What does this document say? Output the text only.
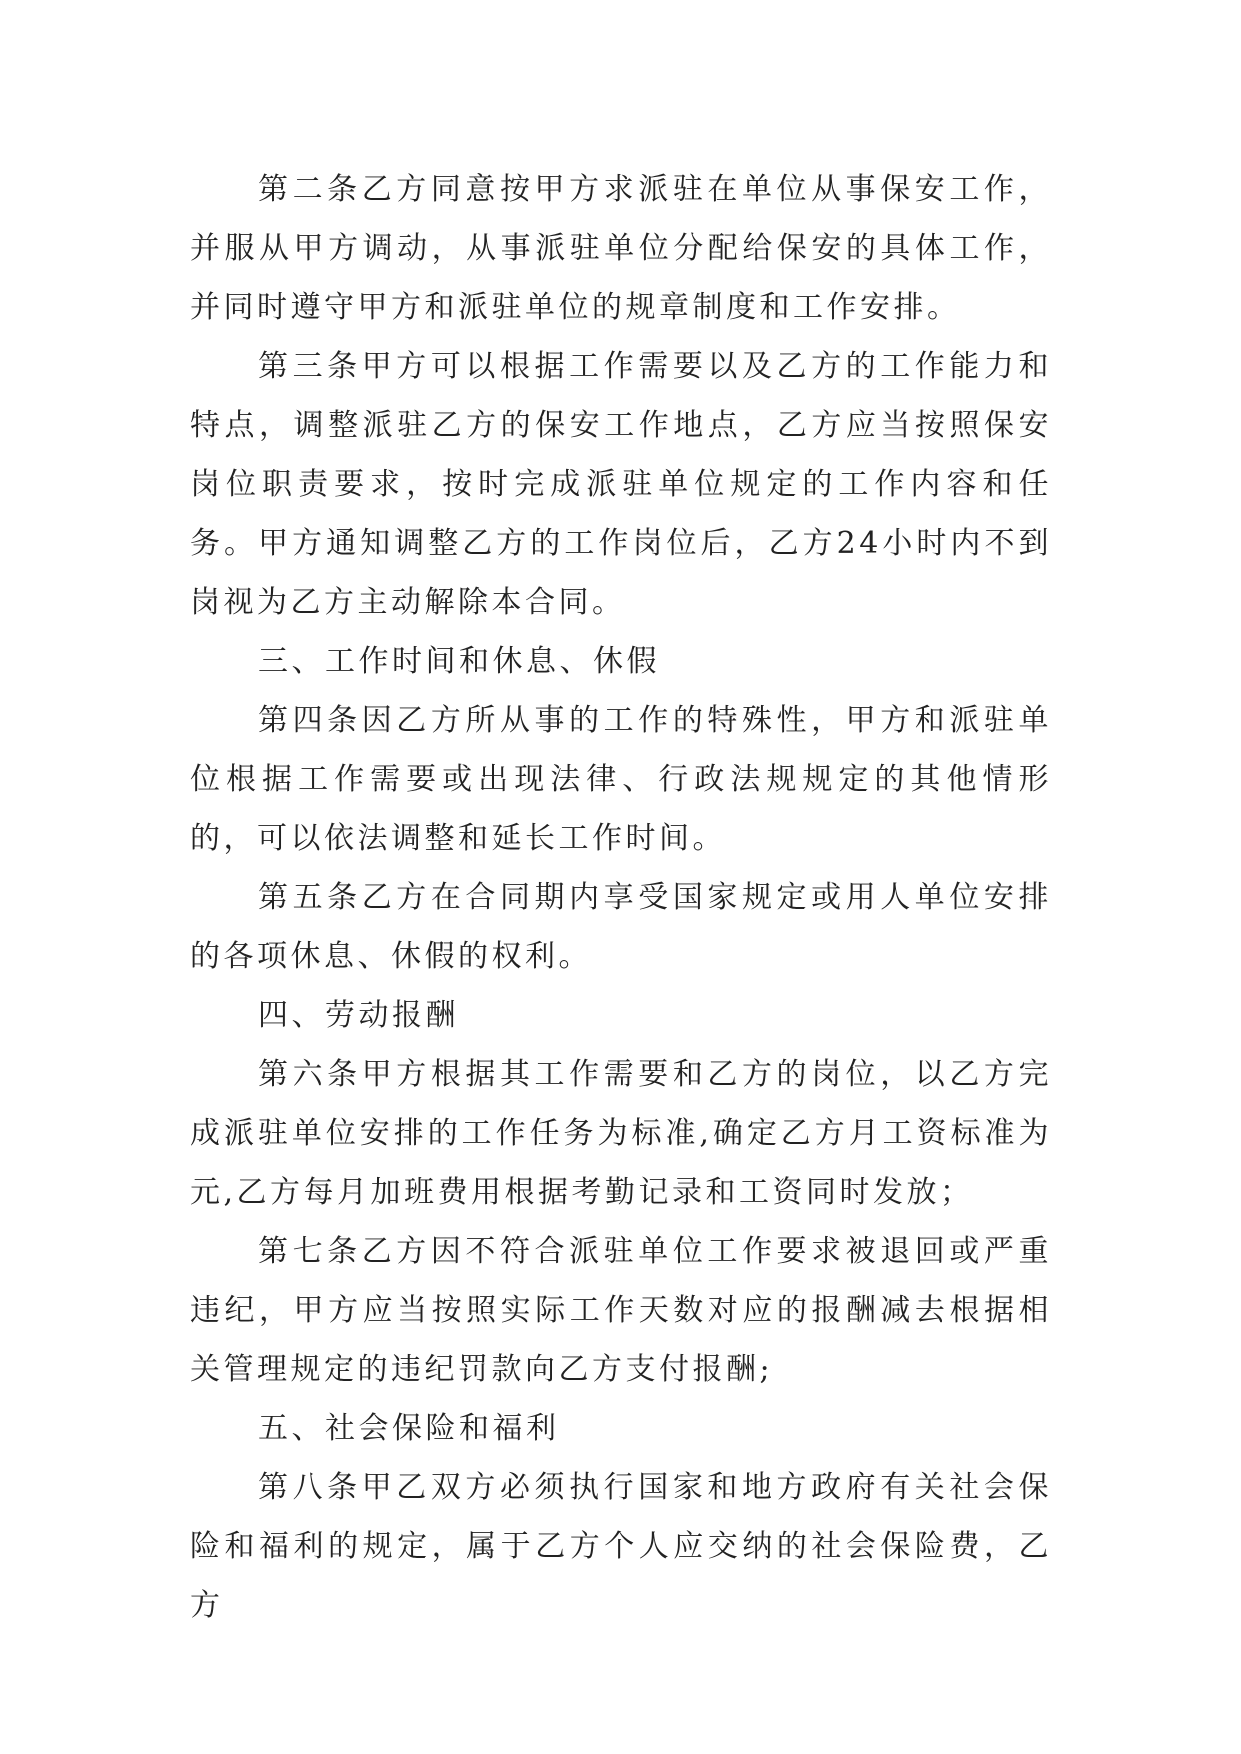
第二条乙方同意按甲方求派驻在单位从事保安工作，并服从甲方调动，从事派驻单位分配给保安的具体工作，并同时遵守甲方和派驻单位的规章制度和工作安排。

第三条甲方可以根据工作需要以及乙方的工作能力和特点，调整派驻乙方的保安工作地点，乙方应当按照保安岗位职责要求，按时完成派驻单位规定的工作内容和任务。甲方通知调整乙方的工作岗位后，乙方24小时内不到岗视为乙方主动解除本合同。

三、工作时间和休息、休假

第四条因乙方所从事的工作的特殊性，甲方和派驻单位根据工作需要或出现法律、行政法规规定的其他情形的，可以依法调整和延长工作时间。

第五条乙方在合同期内享受国家规定或用人单位安排的各项休息、休假的权利。

四、劳动报酬

第六条甲方根据其工作需要和乙方的岗位，以乙方完成派驻单位安排的工作任务为标准,确定乙方月工资标准为元,乙方每月加班费用根据考勤记录和工资同时发放；

第七条乙方因不符合派驻单位工作要求被退回或严重违纪，甲方应当按照实际工作天数对应的报酬减去根据相关管理规定的违纪罚款向乙方支付报酬;

五、社会保险和福利

第八条甲乙双方必须执行国家和地方政府有关社会保险和福利的规定，属于乙方个人应交纳的社会保险费，乙方
